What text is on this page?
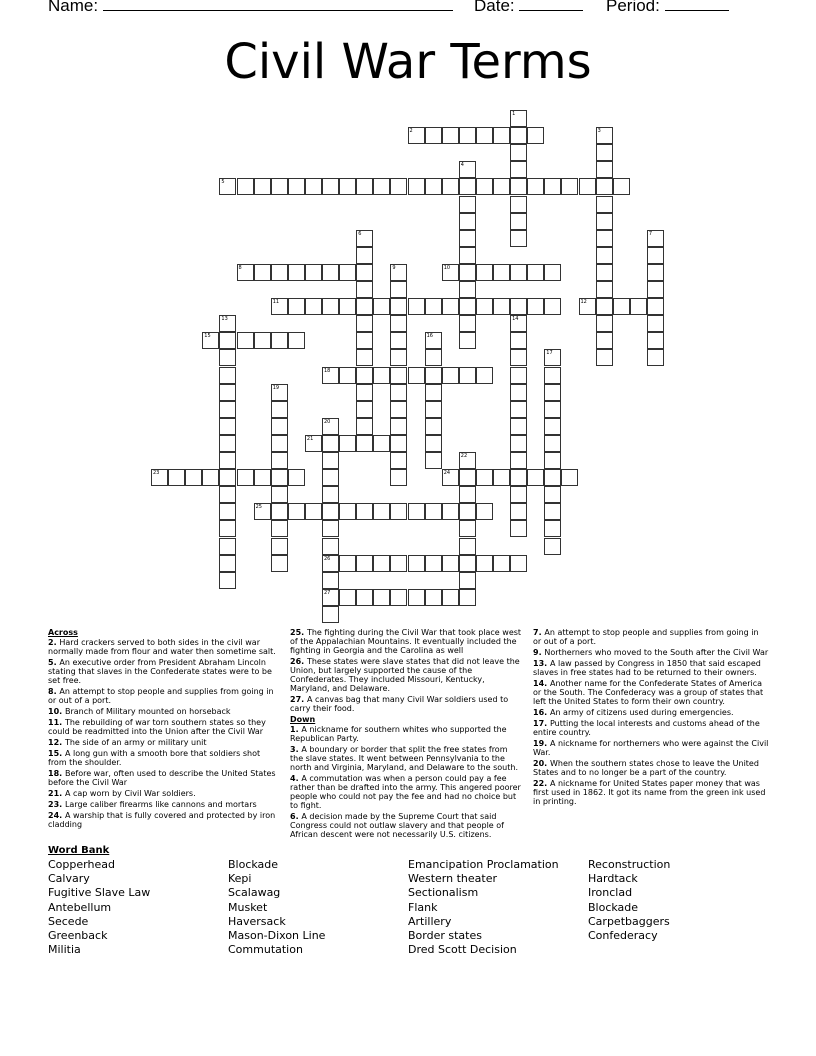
Name:	Date:	Period:
Civil War Terms
1
2	3
4
5
6	7
8	9	10
11	12
13	14
15	16
17
18
19
20
21
22
23	24
25
26
27
Across
2. Hard crackers served to both sides in the civil war normally made from flour and water then sometime salt.
5. An executive order from President Abraham Lincoln stating that slaves in the Confederate states were to be set free.
8. An attempt to stop people and supplies from going in or out of a port.
10. Branch of Military mounted on horseback
11. The rebuilding of war torn southern states so they could be readmitted into the Union after the Civil War
12. The side of an army or military unit
15. A long gun with a smooth bore that soldiers shot from the shoulder.
18. Before war, often used to describe the United States before the Civil War
21. A cap worn by Civil War soldiers.
23. Large caliber firearms like cannons and mortars
24. A warship that is fully covered and protected by iron cladding
25. The fighting during the Civil War that took place west of the Appalachian Mountains. It eventually included the fighting in Georgia and the Carolina as well
26. These states were slave states that did not leave the Union, but largely supported the cause of the Confederates. They included Missouri, Kentucky, Maryland, and Delaware.
27. A canvas bag that many Civil War soldiers used to carry their food.
Down
1. A nickname for southern whites who supported the Republican Party.
3. A boundary or border that split the free states from the slave states. It went between Pennsylvania to the north and Virginia, Maryland, and Delaware to the south.
4. A commutation was when a person could pay a fee rather than be drafted into the army. This angered poorer people who could not pay the fee and had no choice but to fight.
6. A decision made by the Supreme Court that said Congress could not outlaw slavery and that people of African descent were not necessarily U.S. citizens.
7. An attempt to stop people and supplies from going in or out of a port.
9. Northerners who moved to the South after the Civil War
13. A law passed by Congress in 1850 that said escaped slaves in free states had to be returned to their owners.
14. Another name for the Confederate States of America or the South. The Confederacy was a group of states that left the United States to form their own country.
16. An army of citizens used during emergencies.
17. Putting the local interests and customs ahead of the entire country.
19. A nickname for northerners who were against the Civil War.
20. When the southern states chose to leave the United States and to no longer be a part of the country.
22. A nickname for United States paper money that was first used in 1862. It got its name from the green ink used in printing.
Word Bank
Copperhead
Calvary
Fugitive Slave Law
Antebellum
Secede
Greenback
Militia
Blockade
Kepi
Scalawag
Musket
Haversack
Mason-Dixon Line
Commutation
Emancipation Proclamation
Western theater
Sectionalism
Flank
Artillery
Border states
Dred Scott Decision
Reconstruction
Hardtack
Ironclad
Blockade
Carpetbaggers
Confederacy
